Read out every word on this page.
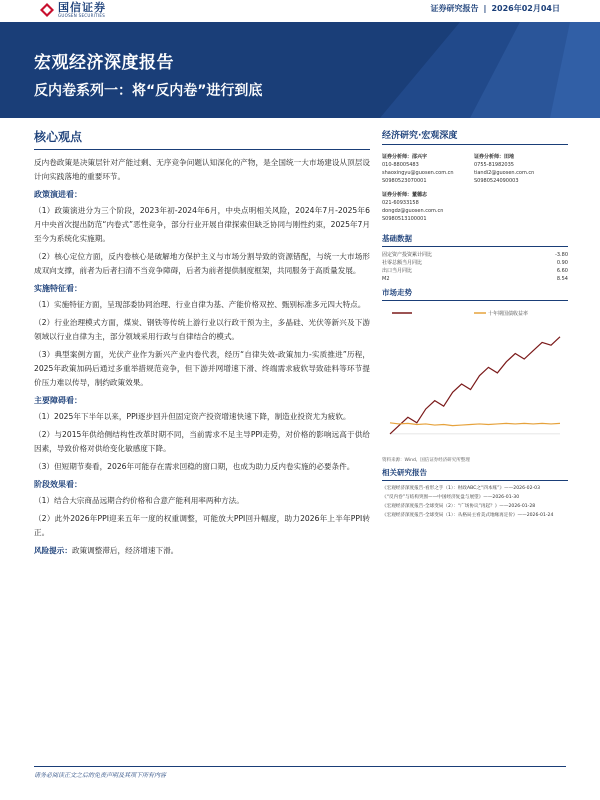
国信证券
GUOSEN SECURITIES
证券研究报告 | 2026年02月04日
宏观经济深度报告
反内卷系列一：将“反内卷”进行到底
核心观点
反内卷政策是决策层针对产能过剩、无序竞争问题认知深化的产物，是全国统一大市场建设从顶层设计向实践落地的重要环节。
政策演进看：
（1）政策演进分为三个阶段，2023年初-2024年6月，中央点明相关风险，2024年7月-2025年6月中央首次提出防范“内卷式”恶性竞争，部分行业开展自律探索但缺乏协同与刚性约束，2025年7月至今为系统化实施期。
（2）核心定位方面，反内卷核心是破解地方保护主义与市场分割导致的资源错配，与统一大市场形成双向支撑，前者为后者扫清不当竞争障碍，后者为前者提供制度框架，共同服务于高质量发展。
实施特征看：
（1）实施特征方面，呈现部委协同治理、行业自律为基、产能价格双控、甄别标准多元四大特点。
（2）行业治理模式方面，煤炭、钢铁等传统上游行业以行政干预为主，多晶硅、光伏等新兴及下游领域以行业自律为主，部分领域采用行政与自律结合的模式。
（3）典型案例方面，光伏产业作为新兴产业内卷代表，经历“自律失效-政策加力-实质推进”历程，2025年政策加码后通过多重举措规范竞争，但下游并网增速下滑、终端需求疲软导致硅料等环节提价压力难以传导，制约政策效果。
主要障碍看：
（1）2025年下半年以来，PPI逐步回升但固定资产投资增速快速下降，制造业投资尤为疲软。
（2）与2015年供给侧结构性改革时期不同，当前需求不足主导PPI走势，对价格的影响远高于供给因素，导致价格对供给变化敏感度下降。
（3）但短期节奏看，2026年可能存在需求回稳的窗口期，也成为助力反内卷实施的必要条件。
阶段效果看：
（1）结合大宗商品远期合约价格和合意产能利用率两种方法。
（2）此外2026年PPI迎来五年一度的权重调整，可能放大PPI回升幅度，助力2026年上半年PPI转正。
风险提示：政策调整滞后，经济增速下滑。
经济研究·宏观深度
证券分析师：邵兴宇
010-88005483
shaoxingyu@guosen.com.cn
S0980523070001
证券分析师：田地
0755-81982035
tiandi2@guosen.com.cn
S0980524090003
证券分析师：董德志
021-60933158
dongdz@guosen.com.cn
S0980513100001
基础数据
固定资产投资累计同比	-3.80
社零总额当月同比	0.90
出口当月同比	6.60
M2	8.54
市场走势
十年期国债收益率
资料来源：Wind、国信证券经济研究所整理
相关研究报告
《宏观经济深度报告-看形之手（1）：财政ABC之“四本账”》——2026-02-03
《“反内卷”与结构突围——中国经济复盘与展望》——2026-01-30
《宏观经济深度报告-全球变局（2）：“广场协议”再起？》——2026-01-28
《宏观经济深度报告-全球变局（1）：从格局主看美式地缘再定价》——2026-01-24
请务必阅读正文之后的免责声明及其项下所有内容
